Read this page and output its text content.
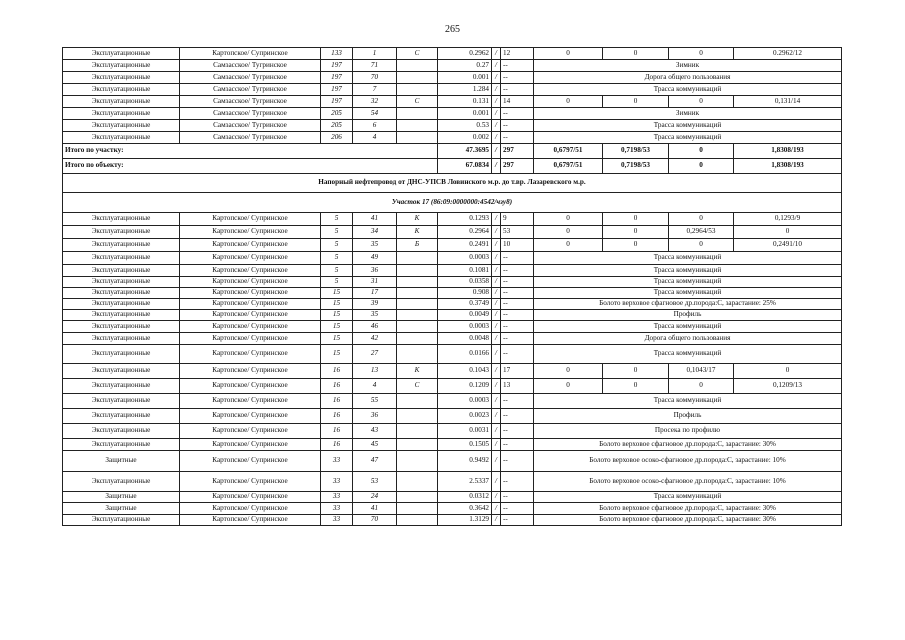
265
Эксплуатационные	Картопское/ Супринское	133	1	С	0.2962	/	12	0	0	0	0.2962/12
Эксплуатационные	Самзасское/ Тугринское	197	71		0.27	/	--	Зимник			
Эксплуатационные	Самзасское/ Тугринское	197	70		0.001	/	--	Дорога общего пользования			
Эксплуатационные	Самзасское/ Тугринское	197	7		1.284	/	--	Трасса коммуникаций			
Эксплуатационные	Самзасское/ Тугринское	197	32	С	0.131	/	14	0	0	0	0,131/14
Эксплуатационные	Самзасское/ Тугринское	205	54		0.001	/	--	Зимник			
Эксплуатационные	Самзасское/ Тугринское	205	6		0.53	/	--	Трасса коммуникаций			
Эксплуатационные	Самзасское/ Тугринское	206	4		0.002	/	--	Трасса коммуникаций			
Итого по участку:					47.3695	/	297	0,6797/51	0,7198/53	0	1,8308/193
Итого по объекту:					67.0834	/	297	0,6797/51	0,7198/53	0	1,8308/193
Напорный нефтепровод от ДНС-УПСВ Ловинского м.р. до т.вр. Лазаревского м.р.											
Участок 17 (86:09:0000000:4542/чзу8)											
Эксплуатационные	Картопское/ Супринское	5	41	К	0.1293	/	9	0	0	0	0,1293/9
Эксплуатационные	Картопское/ Супринское	5	34	К	0.2964	/	53	0	0	0,2964/53	0
Эксплуатационные	Картопское/ Супринское	5	35	Б	0.2491	/	10	0	0	0	0,2491/10
Эксплуатационные	Картопское/ Супринское	5	49		0.0003	/	--	Трасса коммуникаций			
Эксплуатационные	Картопское/ Супринское	5	36		0.1081	/	--	Трасса коммуникаций			
Эксплуатационные	Картопское/ Супринское	5	31		0.0358	/	--	Трасса коммуникаций			
Эксплуатационные	Картопское/ Супринское	15	17		0.908	/	--	Трасса коммуникаций			
Эксплуатационные	Картопское/ Супринское	15	39		0.3749	/	--	Болото верховое сфагновое др.порода:С, зарастание: 25%			
Эксплуатационные	Картопское/ Супринское	15	35		0.0049	/	--	Профиль			
Эксплуатационные	Картопское/ Супринское	15	46		0.0003	/	--	Трасса коммуникаций			
Эксплуатационные	Картопское/ Супринское	15	42		0.0048	/	--	Дорога общего пользования			
Эксплуатационные	Картопское/ Супринское	15	27		0.0166	/	--	Трасса коммуникаций			
Эксплуатационные	Картопское/ Супринское	16	13	К	0.1043	/	17	0	0	0,1043/17	0
Эксплуатационные	Картопское/ Супринское	16	4	С	0.1209	/	13	0	0	0	0,1209/13
Эксплуатационные	Картопское/ Супринское	16	55		0.0003	/	--	Трасса коммуникаций			
Эксплуатационные	Картопское/ Супринское	16	36		0.0023	/	--	Профиль			
Эксплуатационные	Картопское/ Супринское	16	43		0.0031	/	--	Просека по профилю			
Эксплуатационные	Картопское/ Супринское	16	45		0.1505	/	--	Болото верховое сфагновое др.порода:С, зарастание: 30%			
Защитные	Картопское/ Супринское	33	47		0.9492	/	--	Болото верховое осоко-сфагновое др.порода:С, зарастание: 10%			
Эксплуатационные	Картопское/ Супринское	33	53		2.5337	/	--	Болото верховое осоко-сфагновое др.порода:С, зарастание: 10%			
Защитные	Картопское/ Супринское	33	24		0.0312	/	--	Трасса коммуникаций			
Защитные	Картопское/ Супринское	33	41		0.3642	/	--	Болото верховое сфагновое др.порода:С, зарастание: 30%			
Эксплуатационные	Картопское/ Супринское	33	70		1.3129	/	--	Болото верховое сфагновое др.порода:С, зарастание: 30%			
